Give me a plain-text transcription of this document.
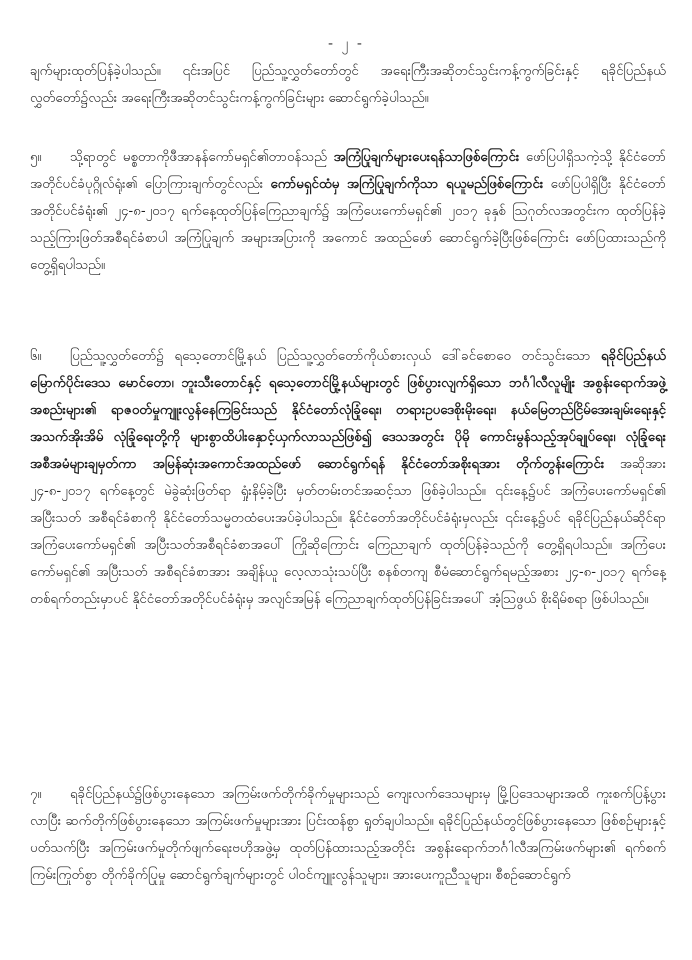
- ၂ -

ချက်များထုတ်ပြန်ခဲ့ပါသည်။ ၎င်းအပြင် ပြည်သူ့လွှတ်တော်တွင် အရေးကြီးအဆိုတင်သွင်းကန့်ကွက်ခြင်းနှင့် ရခိုင်ပြည်နယ်လွှတ်တော်၌လည်း အရေးကြီးအဆိုတင်သွင်းကန့်ကွက်ခြင်းများ ဆောင်ရွက်ခဲ့ပါသည်။

၅။ သို့ရာတွင် မစ္စတာကိုဖီအာနန်ကော်မရှင်၏တာဝန်သည် အကြံပြုချက်များပေးရန်သာဖြစ်ကြောင်း ဖော်ပြပါရှိသကဲ့သို့ နိုင်ငံတော်အတိုင်ပင်ခံပုဂ္ဂိုလ်ရုံး၏ ပြောကြားချက်တွင်လည်း ကော်မရှင်ထံမှ အကြံပြုချက်ကိုသာ ရယူမည်ဖြစ်ကြောင်း ဖော်ပြပါရှိပြီး နိုင်ငံတော်အတိုင်ပင်ခံရုံး၏ ၂၄-၈-၂၀၁၇ ရက်နေ့ထုတ်ပြန်ကြေညာချက်၌ အကြံပေးကော်မရှင်၏ ၂၀၁၇ ခုနှစ် ဩဂုတ်လအတွင်းက ထုတ်ပြန်ခဲ့သည့်ကြားဖြတ်အစီရင်ခံစာပါ အကြံပြုချက် အများအပြားကို အကောင် အထည်ဖော် ဆောင်ရွက်ခဲ့ပြီးဖြစ်ကြောင်း ဖော်ပြထားသည်ကို တွေ့ရှိရပါသည်။

၆။ ပြည်သူ့လွှတ်တော်၌ ရသေ့တောင်မြို့နယ် ပြည်သူ့လွှတ်တော်ကိုယ်စားလှယ် ဒေါ်ခင်စောဝေ တင်သွင်းသော ရခိုင်ပြည်နယ်မြောက်ပိုင်းဒေသ မောင်တော၊ ဘူးသီးတောင်နှင့် ရသေ့တောင်မြို့နယ်များတွင် ဖြစ်ပွားလျက်ရှိသော ဘင်္ဂါလီလူမျိုး အစွန်းရောက်အဖွဲ့အစည်းများ၏ ရာဇဝတ်မှုကျူးလွန်နေကြခြင်းသည် နိုင်ငံတော်လုံခြုံရေး၊ တရားဥပဒေစိုးမိုးရေး၊ နယ်မြေတည်ငြိမ်အေးချမ်းရေးနှင့် အသက်အိုးအိမ် လုံခြုံရေးတို့ကို များစွာထိပါးနှောင့်ယှက်လာသည်ဖြစ်၍ ဒေသအတွင်း ပိုမို ကောင်းမွန်သည့်အုပ်ချုပ်ရေး၊ လုံခြုံရေး အစီအမံများချမှတ်ကာ အမြန်ဆုံးအကောင်အထည်ဖော် ဆောင်ရွက်ရန် နိုင်ငံတော်အစိုးရအား တိုက်တွန်းကြောင်း အဆိုအား ၂၄-၈-၂၀၁၇ ရက်နေ့တွင် မဲခွဲဆုံးဖြတ်ရာ ရှုံးနိမ့်ခဲ့ပြီး မှတ်တမ်းတင်အဆင့်သာ ဖြစ်ခဲ့ပါသည်။ ၎င်းနေ့၌ပင် အကြံပေးကော်မရှင်၏ အပြီးသတ် အစီရင်ခံစာကို နိုင်ငံတော်သမ္မတထံပေးအပ်ခဲ့ပါသည်။ နိုင်ငံတော်အတိုင်ပင်ခံရုံးမှလည်း ၎င်းနေ့၌ပင် ရခိုင်ပြည်နယ်ဆိုင်ရာအကြံပေးကော်မရှင်၏ အပြီးသတ်အစီရင်ခံစာအပေါ် ကြိုဆိုကြောင်း ကြေညာချက် ထုတ်ပြန်ခဲ့သည်ကို တွေ့ရှိရပါသည်။ အကြံပေးကော်မရှင်၏ အပြီးသတ် အစီရင်ခံစာအား အချိန်ယူ လေ့လာသုံးသပ်ပြီး စနစ်တကျ စီမံဆောင်ရွက်ရမည့်အစား ၂၄-၈-၂၀၁၇ ရက်နေ့ တစ်ရက်တည်းမှာပင် နိုင်ငံတော်အတိုင်ပင်ခံရုံးမှ အလျင်အမြန် ကြေညာချက်ထုတ်ပြန်ခြင်းအပေါ် အံ့သြဖွယ် စိုးရိမ်စရာ ဖြစ်ပါသည်။

၇။ ရခိုင်ပြည်နယ်၌ဖြစ်ပွားနေသော အကြမ်းဖက်တိုက်ခိုက်မှုများသည် ကျေးလက်ဒေသများမှ မြို့ပြဒေသများအထိ ကူးစက်ပြန့်ပွားလာပြီး ဆက်တိုက်ဖြစ်ပွားနေသော အကြမ်းဖက်မှုများအား ပြင်းထန်စွာ ရှုတ်ချပါသည်။ ရခိုင်ပြည်နယ်တွင်ဖြစ်ပွားနေသော ဖြစ်စဉ်များနှင့်ပတ်သက်ပြီး အကြမ်းဖက်မှုတိုက်ဖျက်ရေးဗဟိုအဖွဲ့မှ ထုတ်ပြန်ထားသည့်အတိုင်း အစွန်းရောက်ဘင်္ဂါလီအကြမ်းဖက်များ၏ ရက်စက် ကြမ်းကြုတ်စွာ တိုက်ခိုက်ပြုမှု ဆောင်ရွက်ချက်များတွင် ပါဝင်ကျူးလွန်သူများ၊ အားပေးကူညီသူများ၊ စီစဉ်ဆောင်ရွက်
